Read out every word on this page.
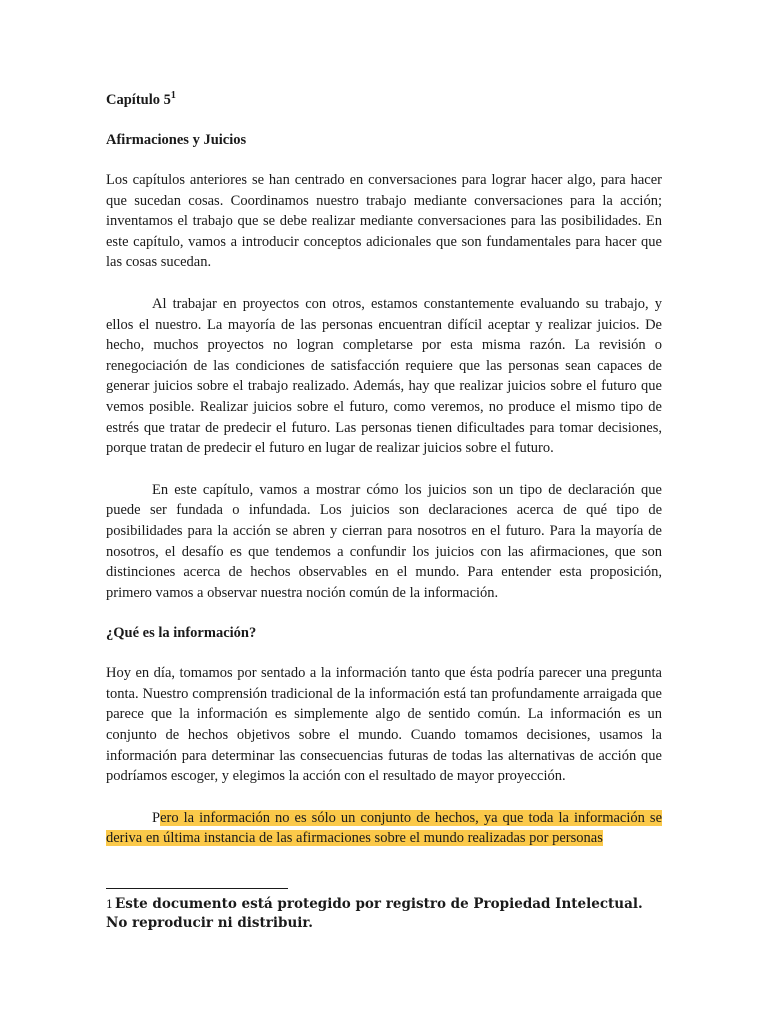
Capítulo $5^1$
Afirmaciones y Juicios

Los capítulos anteriores se han centrado en conversaciones para lograr hacer algo, para hacer que sucedan cosas. Coordinamos nuestro trabajo mediante conversaciones para la acción; inventamos el trabajo que se debe realizar mediante conversaciones para las posibilidades. En este capítulo, vamos a introducir conceptos adicionales que son fundamentales para hacer que las cosas sucedan.

Al trabajar en proyectos con otros, estamos constantemente evaluando su trabajo, y ellos el nuestro. La mayoría de las personas encuentran difícil aceptar y realizar juicios. De hecho, muchos proyectos no logran completarse por esta misma razón. La revisión o renegociación de las condiciones de satisfacción requiere que las personas sean capaces de generar juicios sobre el trabajo realizado. Además, hay que realizar juicios sobre el futuro que vemos posible. Realizar juicios sobre el futuro, como veremos, no produce el mismo tipo de estrés que tratar de predecir el futuro. Las personas tienen dificultades para tomar decisiones, porque tratan de predecir el futuro en lugar de realizar juicios sobre el futuro.

En este capítulo, vamos a mostrar cómo los juicios son un tipo de declaración que puede ser fundada o infundada. Los juicios son declaraciones acerca de qué tipo de posibilidades para la acción se abren y cierran para nosotros en el futuro. Para la mayoría de nosotros, el desafío es que tendemos a confundir los juicios con las afirmaciones, que son distinciones acerca de hechos observables en el mundo. Para entender esta proposición, primero vamos a observar nuestra noción común de la información.

¿Qué es la información?

Hoy en día, tomamos por sentado a la información tanto que ésta podría parecer una pregunta tonta. Nuestro comprensión tradicional de la información está tan profundamente arraigada que parece que la información es simplemente algo de sentido común. La información es un conjunto de hechos objetivos sobre el mundo. Cuando tomamos decisiones, usamos la información para determinar las consecuencias futuras de todas las alternativas de acción que podríamos escoger, y elegimos la acción con el resultado de mayor proyección.

Pero la información no es sólo un conjunto de hechos, ya que toda la información se deriva en última instancia de las afirmaciones sobre el mundo realizadas por personas

1 Este documento está protegido por registro de Propiedad Intelectual. No reproducir ni distribuir.
